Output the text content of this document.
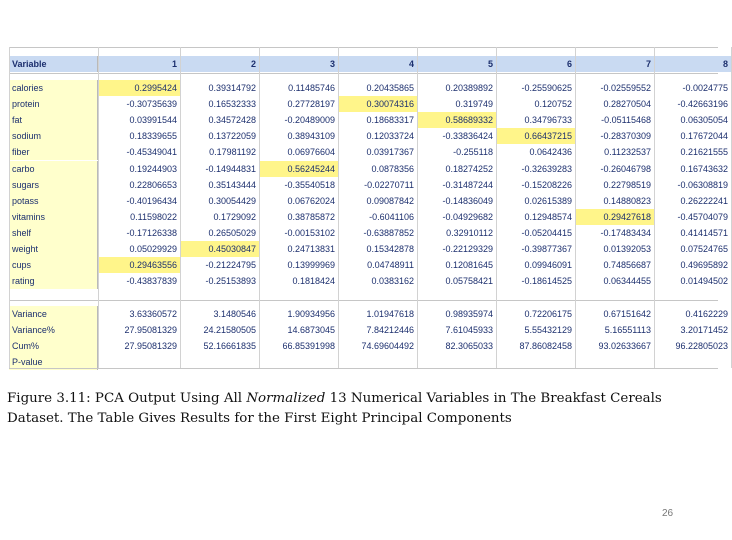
Variable	1	2	3	4	5	6	7	8
calories	0.2995424	0.39314792	0.11485746	0.20435865	0.20389892	-0.25590625	-0.02559552	-0.0024775
protein	-0.30735639	0.16532333	0.27728197	0.30074316	0.319749	0.120752	0.28270504	-0.42663196
fat	0.03991544	0.34572428	-0.20489009	0.18683317	0.58689332	0.34796733	-0.05115468	0.06305054
sodium	0.18339655	0.13722059	0.38943109	0.12033724	-0.33836424	0.66437215	-0.28370309	0.17672044
fiber	-0.45349041	0.17981192	0.06976604	0.03917367	-0.255118	0.0642436	0.11232537	0.21621555
carbo	0.19244903	-0.14944831	0.56245244	0.0878356	0.18274252	-0.32639283	-0.26046798	0.16743632
sugars	0.22806653	0.35143444	-0.35540518	-0.02270711	-0.31487244	-0.15208226	0.22798519	-0.06308819
potass	-0.40196434	0.30054429	0.06762024	0.09087842	-0.14836049	0.02615389	0.14880823	0.26222241
vitamins	0.11598022	0.1729092	0.38785872	-0.6041106	-0.04929682	0.12948574	0.29427618	-0.45704079
shelf	-0.17126338	0.26505029	-0.00153102	-0.63887852	0.32910112	-0.05204415	-0.17483434	0.41414571
weight	0.05029929	0.45030847	0.24713831	0.15342878	-0.22129329	-0.39877367	0.01392053	0.07524765
cups	0.29463556	-0.21224795	0.13999969	0.04748911	0.12081645	0.09946091	0.74856687	0.49695892
rating	-0.43837839	-0.25153893	0.1818424	0.0383162	0.05758421	-0.18614525	0.06344455	0.01494502
Variance	3.63360572	3.1480546	1.90934956	1.01947618	0.98935974	0.72206175	0.67151642	0.4162229
Variance%	27.95081329	24.21580505	14.6873045	7.84212446	7.61045933	5.55432129	5.16551113	3.20171452
Cum%	27.95081329	52.16661835	66.85391998	74.69604492	82.3065033	87.86082458	93.02633667	96.22805023
P-value
Figure 3.11: PCA Output Using All Normalized 13 Numerical Variables in The Breakfast Cereals
Dataset. The Table Gives Results for the First Eight Principal Components
26
